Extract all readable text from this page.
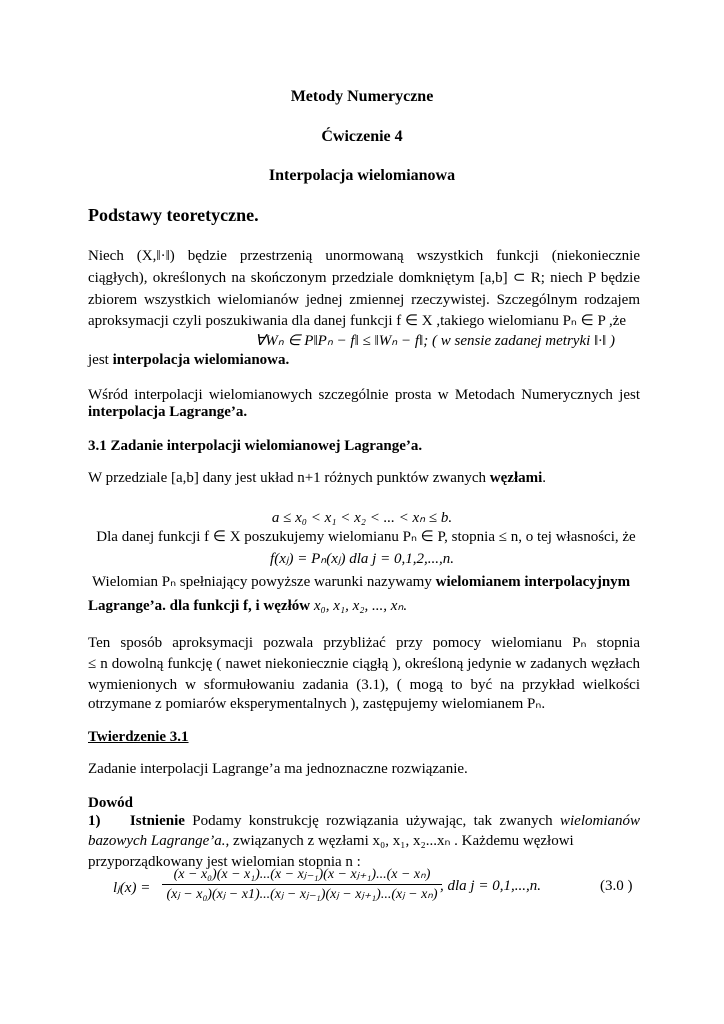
Metody Numeryczne
Ćwiczenie 4
Interpolacja wielomianowa
Podstawy teoretyczne.
Niech (X,‖·‖) będzie przestrzenią unormowaną wszystkich funkcji (niekoniecznie
ciągłych), określonych na skończonym przedziale domkniętym [a,b] ⊂ R; niech P będzie
zbiorem wszystkich wielomianów jednej zmiennej rzeczywistej. Szczególnym rodzajem
aproksymacji czyli poszukiwania dla danej funkcji f ∈ X ,takiego wielomianu Pₙ ∈ P ,że
∀Wₙ ∈ P‖Pₙ − f‖ ≤ ‖Wₙ − f‖; ( w sensie zadanej metryki ‖·‖ )
jest interpolacja wielomianowa.
Wśród interpolacji wielomianowych szczególnie prosta w Metodach Numerycznych jest
interpolacja Lagrange’a.
3.1 Zadanie interpolacji wielomianowej Lagrange’a.
W przedziale [a,b] dany jest układ n+1 różnych punktów zwanych węzłami.
a ≤ x₀ < x₁ < x₂ < ... < xₙ ≤ b.
Dla danej funkcji f ∈ X poszukujemy wielomianu Pₙ ∈ P, stopnia ≤ n, o tej własności, że
f(xⱼ) = Pₙ(xⱼ) dla j = 0,1,2,...,n.
Wielomian Pₙ spełniający powyższe warunki nazywamy wielomianem interpolacyjnym
Lagrange’a. dla funkcji f, i węzłów x₀, x₁, x₂, ..., xₙ.
Ten sposób aproksymacji pozwala przybliżać przy pomocy wielomianu Pₙ stopnia
≤ n dowolną funkcję ( nawet niekoniecznie ciągłą ), określoną jedynie w zadanych węzłach
wymienionych w sformułowaniu zadania (3.1), ( mogą to być na przykład wielkości
otrzymane z pomiarów eksperymentalnych ), zastępujemy wielomianem Pₙ.
Twierdzenie 3.1
Zadanie interpolacji Lagrange’a ma jednoznaczne rozwiązanie.
Dowód
1) Istnienie Podamy konstrukcję rozwiązania używając, tak zwanych wielomianów
bazowych Lagrange’a., związanych z węzłami x₀, x₁, x₂...xₙ . Każdemu węzłowi
przyporządkowany jest wielomian stopnia n :
lⱼ(x) =
(x − x₀)(x − x₁)...(x − xⱼ₋₁)(x − xⱼ₊₁)...(x − xₙ)
(xⱼ − x₀)(xⱼ − x1)...(xⱼ − xⱼ₋₁)(xⱼ − xⱼ₊₁)...(xⱼ − xₙ)
, dla j = 0,1,...,n.	(3.0 )
